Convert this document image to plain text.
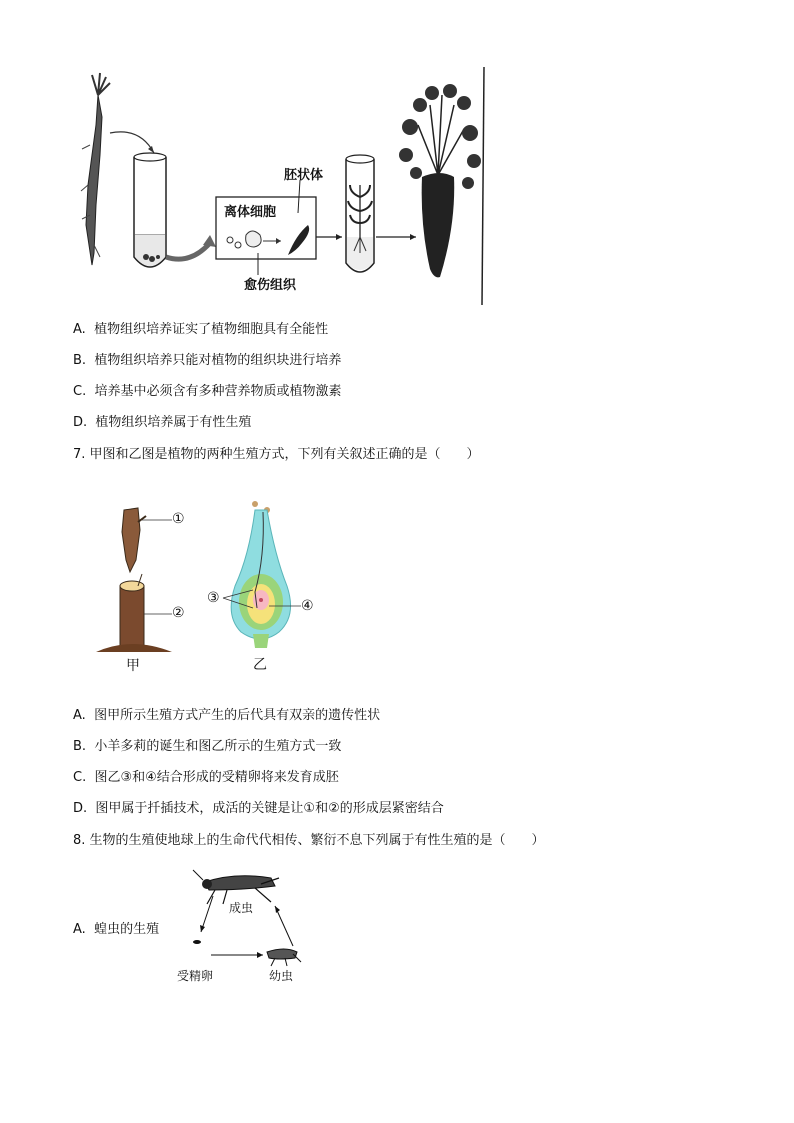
胚状体
离体细胞
愈伤组织
A. 植物组织培养证实了植物细胞具有全能性
B. 植物组织培养只能对植物的组织块进行培养
C. 培养基中必须含有多种营养物质或植物激素
D. 植物组织培养属于有性生殖
7. 甲图和乙图是植物的两种生殖方式，下列有关叙述正确的是（　　）
①
②
甲
③	④
乙
A. 图甲所示生殖方式产生的后代具有双亲的遗传性状
B. 小羊多莉的诞生和图乙所示的生殖方式一致
C. 图乙③和④结合形成的受精卵将来发育成胚
D. 图甲属于扦插技术，成活的关键是让①和②的形成层紧密结合
8. 生物的生殖使地球上的生命代代相传、繁衍不息下列属于有性生殖的是（　　）
A. 蝗虫的生殖
成虫
受精卵	幼虫
